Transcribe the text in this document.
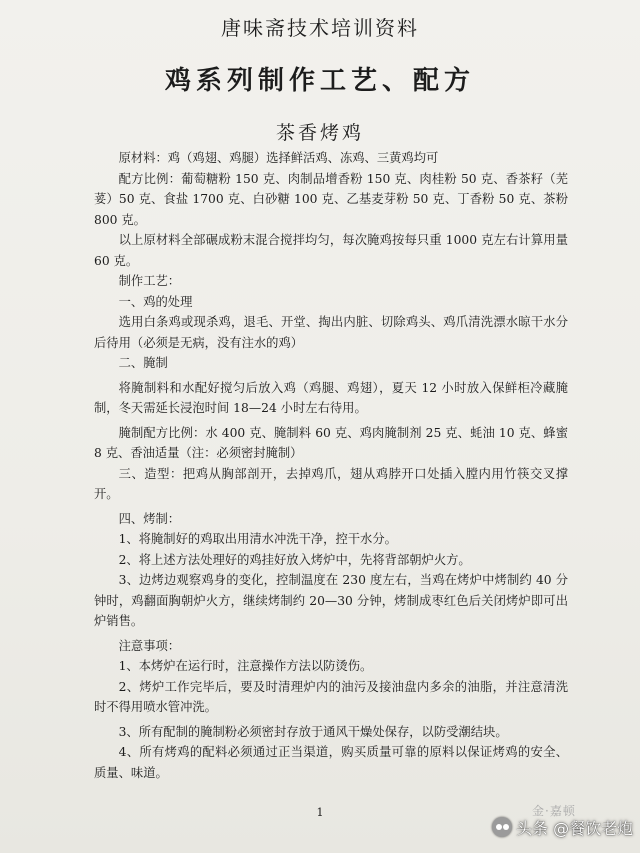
唐味斋技术培训资料
鸡系列制作工艺、配方
茶香烤鸡

原材料：鸡（鸡翅、鸡腿）选择鲜活鸡、冻鸡、三黄鸡均可

配方比例：葡萄糖粉 150 克、肉制品增香粉 150 克、肉桂粉 50 克、香茶籽（芜荽）50 克、食盐 1700 克、白砂糖 100 克、乙基麦芽粉 50 克、丁香粉 50 克、茶粉 800 克。

以上原材料全部碾成粉末混合搅拌均匀，每次腌鸡按每只重 1000 克左右计算用量 60 克。

制作工艺：

一、鸡的处理

选用白条鸡或现杀鸡，退毛、开堂、掏出内脏、切除鸡头、鸡爪清洗漂水晾干水分后待用（必须是无病，没有注水的鸡）

二、腌制

将腌制料和水配好搅匀后放入鸡（鸡腿、鸡翅），夏天 12 小时放入保鲜柜冷藏腌制，冬天需延长浸泡时间 18—24 小时左右待用。

腌制配方比例：水 400 克、腌制料 60 克、鸡肉腌制剂 25 克、蚝油 10 克、蜂蜜 8 克、香油适量（注：必须密封腌制）

三、造型：把鸡从胸部剖开，去掉鸡爪，翅从鸡脖开口处插入膛内用竹筷交叉撑开。

四、烤制：

1、将腌制好的鸡取出用清水冲洗干净，控干水分。

2、将上述方法处理好的鸡挂好放入烤炉中，先将背部朝炉火方。

3、边烤边观察鸡身的变化，控制温度在 230 度左右，当鸡在烤炉中烤制约 40 分钟时，鸡翻面胸朝炉火方，继续烤制约 20—30 分钟，烤制成枣红色后关闭烤炉即可出炉销售。

注意事项：

1、本烤炉在运行时，注意操作方法以防烫伤。

2、烤炉工作完毕后，要及时清理炉内的油污及接油盘内多余的油脂，并注意清洗时不得用喷水管冲洗。

3、所有配制的腌制粉必须密封存放于通风干燥处保存，以防受潮结块。

4、所有烤鸡的配料必须通过正当渠道，购买质量可靠的原料以保证烤鸡的安全、质量、味道。

金·嘉顿
1
头条 @餐饮老炮
